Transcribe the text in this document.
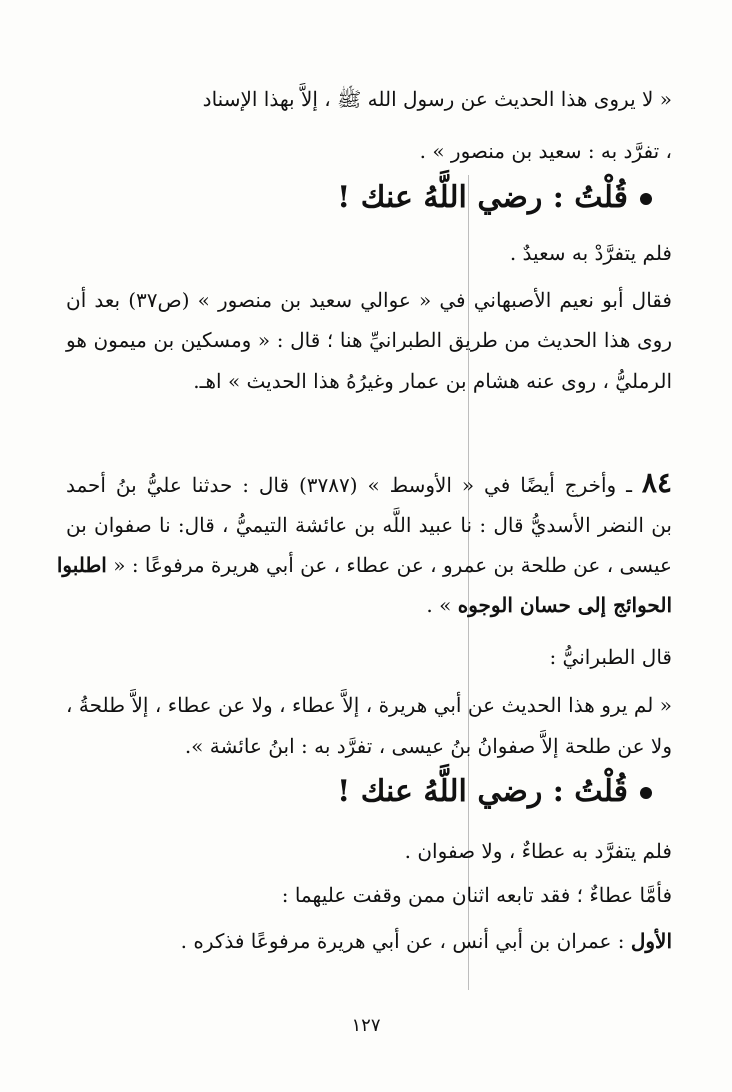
« لا يروى هذا الحديث عن رسول الله ﷺ ، إلاَّ بهذا الإسناد
، تفرَّد به : سعيد بن منصور » .
قُلْتُ : رضي اللَّهُ عنك !
فلم يتفرَّدْ به سعيدٌ .
فقال أبو نعيم الأصبهاني في « عوالي سعيد بن منصور » (ص٣٧) بعد أن
روى هذا الحديث من طريق الطبرانيِّ هنا ؛ قال : « ومسكين بن ميمون هو
الرمليُّ ، روى عنه هشام بن عمار وغيرُهُ هذا الحديث » اهـ.
٨٤ ـ وأخرج أيضًا في « الأوسط » (٣٧٨٧) قال : حدثنا عليُّ بنُ أحمد
بن النضر الأسديُّ قال : نا عبيد اللَّه بن عائشة التيميُّ ، قال: نا صفوان بن
عيسى ، عن طلحة بن عمرو ، عن عطاء ، عن أبي هريرة مرفوعًا : « اطلبوا
الحوائج إلى حسان الوجوه » .
قال الطبرانيُّ :
« لم يرو هذا الحديث عن أبي هريرة ، إلاَّ عطاء ، ولا عن عطاء ، إلاَّ طلحةُ ،
ولا عن طلحة إلاَّ صفوانُ بنُ عيسى ، تفرَّد به : ابنُ عائشة ».
قُلْتُ : رضي اللَّهُ عنك !
فلم يتفرَّد به عطاءٌ ، ولا صفوان .
فأمَّا عطاءٌ ؛ فقد تابعه اثنان ممن وقفت عليهما :
الأول : عمران بن أبي أنس ، عن أبي هريرة مرفوعًا فذكره .
١٢٧
